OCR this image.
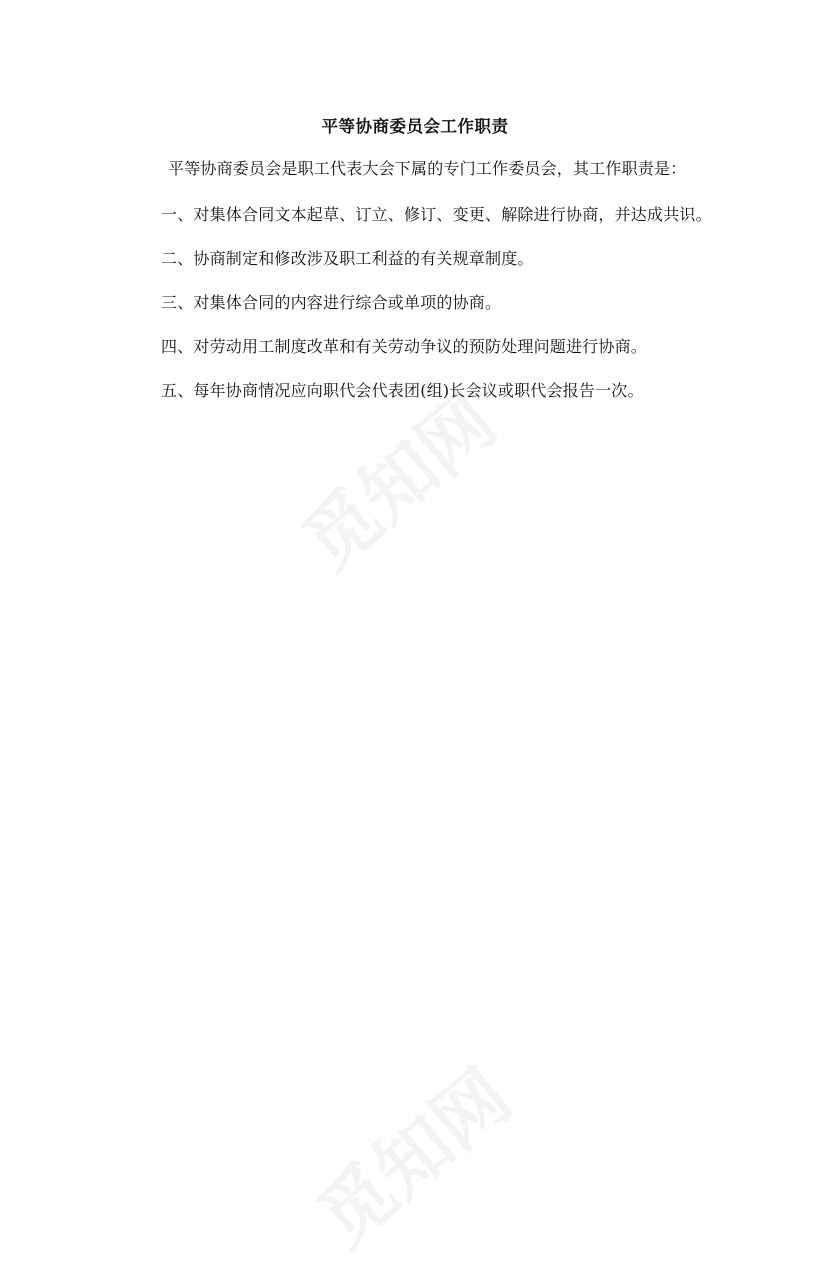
平等协商委员会工作职责
平等协商委员会是职工代表大会下属的专门工作委员会，其工作职责是：
一、对集体合同文本起草、订立、修订、变更、解除进行协商，并达成共识。
二、协商制定和修改涉及职工利益的有关规章制度。
三、对集体合同的内容进行综合或单项的协商。
四、对劳动用工制度改革和有关劳动争议的预防处理问题进行协商。
五、每年协商情况应向职代会代表团(组)长会议或职代会报告一次。
